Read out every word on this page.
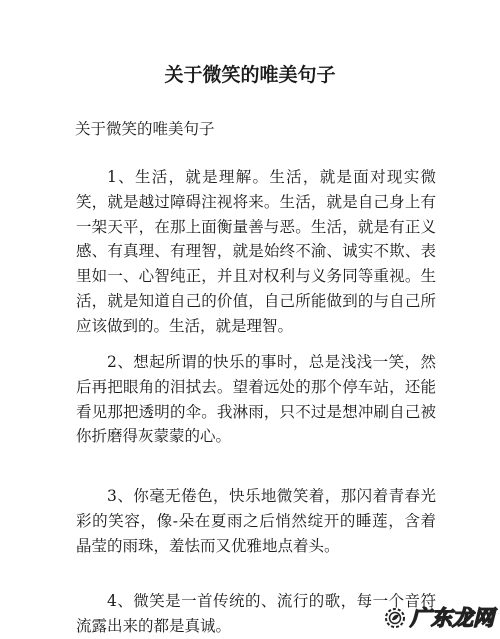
关于微笑的唯美句子

关于微笑的唯美句子

1、生活，就是理解。生活，就是面对现实微笑，就是越过障碍注视将来。生活，就是自己身上有一架天平，在那上面衡量善与恶。生活，就是有正义感、有真理、有理智，就是始终不渝、诚实不欺、表里如一、心智纯正，并且对权利与义务同等重视。生活，就是知道自己的价值，自己所能做到的与自己所应该做到的。生活，就是理智。

2、想起所谓的快乐的事时，总是浅浅一笑，然后再把眼角的泪拭去。望着远处的那个停车站，还能看见那把透明的伞。我淋雨，只不过是想冲刷自己被你折磨得灰蒙蒙的心。

3、你毫无倦色，快乐地微笑着，那闪着青春光彩的笑容，像-朵在夏雨之后悄然绽开的睡莲，含着晶莹的雨珠，羞怯而又优雅地点着头。

4、微笑是一首传统的、流行的歌，每一个音符流露出来的都是真诚。	广东龙网
